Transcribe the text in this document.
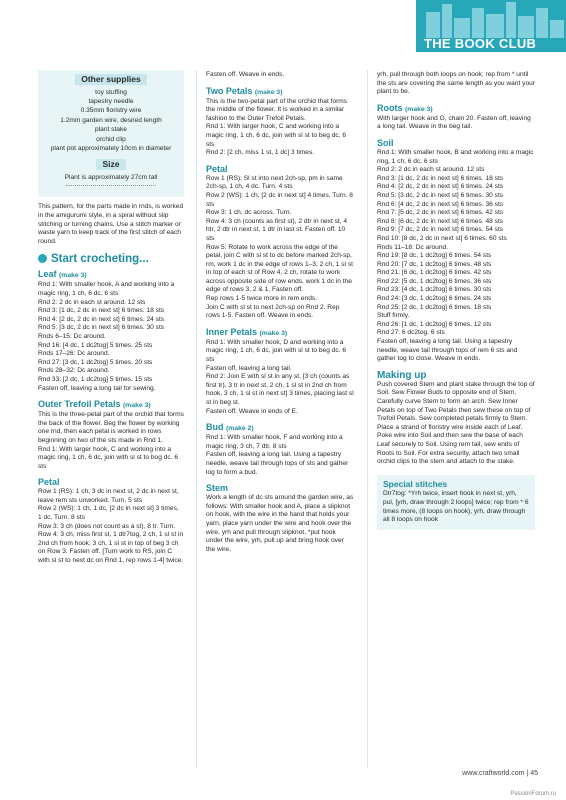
THE BOOK CLUB
Other supplies
toy stuffing
tapestry needle
0.35mm floristry wire
1.2mm garden wire, desired length
plant stake
orchid clip
plant pot approximately 10cm in diameter
Size
Plant is approximately 27cm tall

This pattern, for the parts made in rnds, is worked in the amigurumi style, in a spiral without slip stitching or turning chains. Use a stitch marker or waste yarn to keep track of the first stitch of each round.

Start crocheting...
Leaf (make 3)

Rnd 1: With smaller hook, A and working into a magic ring, 1 ch, 6 dc. 6 sts

Rnd 2: 2 dc in each st around. 12 sts

Rnd 3: [1 dc, 2 dc in next st] 6 times. 18 sts

Rnd 4: [2 dc, 2 dc in next st] 6 times. 24 sts

Rnd 5: [3 dc, 2 dc in next st] 6 times. 30 sts

Rnds 6–15: Dc around.

Rnd 16: [4 dc, 1 dc2tog] 5 times. 25 sts

Rnds 17–26: Dc around.

Rnd 27: [3 dc, 1 dc2tog] 5 times. 20 sts

Rnds 28–32: Dc around.

Rnd 33: [2 dc, 1 dc2tog] 5 times. 15 sts

Fasten off, leaving a long tail for sewing.

Outer Trefoil Petals (make 3)

This is the three-petal part of the orchid that forms the back of the flower. Beg the flower by working one rnd, then each petal is worked in rows beginning on two of the sts made in Rnd 1.

Rnd 1: With larger hook, C and working into a magic ring, 1 ch, 6 dc, join with sl st to bog dc. 6 sts

Petal

Row 1 (RS): 1 ch, 3 dc in next st, 2 dc in next st, leave rem sts unworked. Turn. 5 sts

Row 2 (WS): 1 ch, 1 dc, [2 dc in next st] 3 times, 1 dc. Turn. 8 sts

Row 3: 3 ch (does not count as a st), 8 tr. Turn.

Row 4: 3 ch, miss first st, 1 dtr7tog, 2 ch, 1 sl st in 2nd ch from hook, 3 ch, 1 sl st in top of beg 3 ch on Row 3. Fasten off. [Turn work to RS, join C with sl st to next dc on Rnd 1, rep rows 1-4] twice.

Fasten off. Weave in ends.

Two Petals (make 3)

This is the two-petal part of the orchid that forms the middle of the flower. It is worked in a similar fashion to the Outer Trefoil Petals.

Rnd 1: With larger hook, C and working into a magic ring, 1 ch, 6 dc, join with sl st to beg dc. 6 sts

Rnd 2: [2 ch, miss 1 st, 1 dc] 3 times.

Petal

Row 1 (RS): Sl st into next 2ch-sp, pm in same 2ch-sp, 1 ch, 4 dc. Turn. 4 sts

Row 2 (WS): 1 ch, [2 dc in next st] 4 times. Turn. 8 sts

Row 3: 1 ch, dc across. Turn.

Row 4: 3 ch (counts as first st), 2 dtr in next st, 4 htr, 2 dtr in next st, 1 dtr in last st. Fasten off. 10 sts

Row 5: Rotate to work across the edge of the petal, join C with sl st to dc before marked 2ch-sp, rm, work 1 dc in the edge of rows 1–3, 2 ch, 1 sl st in top of each st of Row 4, 2 ch, rotate to work across opposite side of row ends, work 1 dc in the edge of rows 3, 2 & 1. Fasten off.

Rep rows 1-5 twice more in rem ends.

Join C with sl st to next 2ch-sp on Rnd 2. Rep rows 1-5. Fasten off. Weave in ends.

Inner Petals (make 3)

Rnd 1: With smaller hook, D and working into a magic ring, 1 ch, 6 dc, join with sl st to beg dc. 6 sts

Fasten off, leaving a long tail.

Rnd 2: Join E with sl st in any st, [3 ch (counts as first tr), 3 tr in next st, 2 ch, 1 sl st in 2nd ch from hook, 3 ch, 1 sl st in next st] 3 times, placing last sl st in beg st.

Fasten off. Weave in ends of E.

Bud (make 2)

Rnd 1: With smaller hook, F and working into a magic ring, 3 ch, 7 dtr. 8 sts

Fasten off, leaving a long tail. Using a tapestry needle, weave tail through tops of sts and gather log to form a bud.

Stem

Work a length of dc sts around the garden wire, as follows: With smaller hook and A, place a slipknot on hook, with the wire in the hand that holds your yarn, place yarn under the wire and hook over the wire, yrh and pull through slipknot, *put hook under the wire, yrh, pull up and bring hook over the wire,

yrh, pull through both loops on hook; rep from * until the sts are covering the same length as you want your plant to be.

Roots (make 3)

With larger hook and G, chain 20. Fasten off, leaving a long tail. Weave in the beg tail.

Soil

Rnd 1: With smaller hook, B and working into a magic ring, 1 ch, 6 dc. 6 sts

Rnd 2: 2 dc in each st around. 12 sts

Rnd 3: [1 dc, 2 dc in next st] 6 times. 18 sts

Rnd 4: [2 dc, 2 dc in next st] 6 times. 24 sts

Rnd 5: [3 dc, 2 dc in next st] 6 times. 30 sts

Rnd 6: [4 dc, 2 dc in next st] 6 times. 36 sts

Rnd 7: [5 dc, 2 dc in next st] 6 times. 42 sts

Rnd 8: [6 dc, 2 dc in next st] 6 times. 48 sts

Rnd 9: [7 dc, 2 dc in next st] 6 times. 54 sts

Rnd 10: [8 dc, 2 dc in next st] 6 times. 60 sts

Rnds 11–18: Dc around.

Rnd 19: [8 dc, 1 dc2tog] 6 times. 54 sts

Rnd 20: [7 dc, 1 dc2tog] 6 times. 48 sts

Rnd 21: [6 dc, 1 dc2tog] 6 times. 42 sts

Rnd 22: [5 dc, 1 dc2tog] 6 times. 36 sts

Rnd 23: [4 dc, 1 dc2tog] 6 times. 30 sts

Rnd 24: [3 dc, 1 dc2tog] 6 times. 24 sts

Rnd 25: [2 dc, 1 dc2tog] 6 times. 18 sts

Stuff firmly.

Rnd 26: [1 dc, 1 dc2tog] 6 times. 12 sts

Rnd 27: 6 dc2tog. 6 sts

Fasten off, leaving a long tail. Using a tapestry needle, weave tail through tops of rem 6 sts and gather tog to close. Weave in ends.

Making up

Push covered Stem and plant stake through the top of Soil. Sew Flower Buds to opposite end of Stem. Carefully curve Stem to form an arch. Sew Inner Petals on top of Two Petals then sew these on top of Trefoil Petals. Sew completed petals firmly to Stem. Place a strand of floristry wire inside each of Leaf. Poke wire into Soil and then sew the base of each Leaf securely to Soil. Using rem tail, sew ends of Roots to Soil. For extra security, attach two small orchid clips to the stem and attach to the stake.

Special stitches

Dtr7tog: *Yrh twice, insert hook in next st, yrh, pul, [yrh, draw through 2 loops] twice; rep from * 6 times more, (8 loops on hook), yrh, draw through all 8 loops on hook

www.craftworld.com | 45
PassionForum.ru
